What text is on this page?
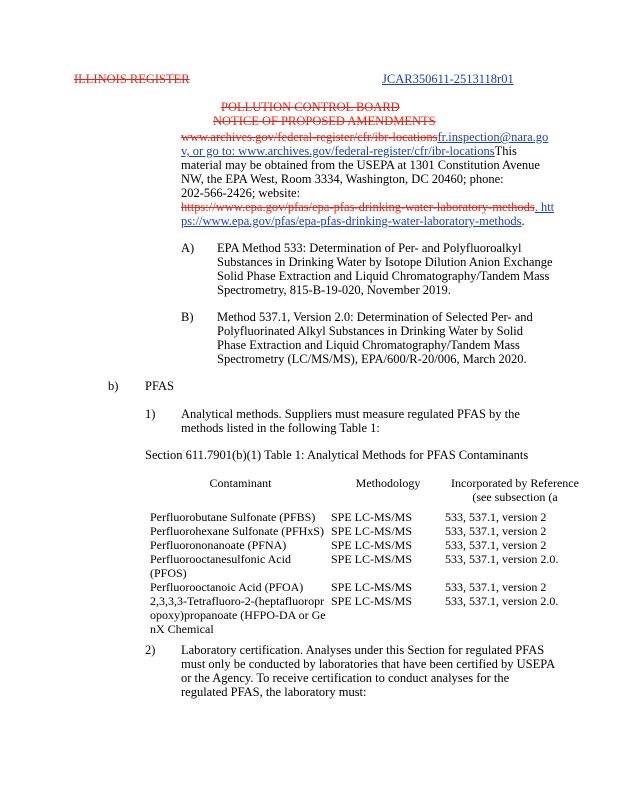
ILLINOIS REGISTER	JCAR350611-2513118r01
POLLUTION CONTROL BOARD
NOTICE OF PROPOSED AMENDMENTS
www.archives.gov/federal-register/cfr/ibr-locationsfr.inspection@nara.go
v, or go to: www.archives.gov/federal-register/cfr/ibr-locationsThis
material may be obtained from the USEPA at 1301 Constitution Avenue
NW, the EPA West, Room 3334, Washington, DC 20460; phone:
202-566-2426; website:
https://www.epa.gov/pfas/epa-pfas-drinking-water-laboratory-methods. htt
ps://www.epa.gov/pfas/epa-pfas-drinking-water-laboratory-methods.
A) EPA Method 533: Determination of Per- and Polyfluoroalkyl
Substances in Drinking Water by Isotope Dilution Anion Exchange
Solid Phase Extraction and Liquid Chromatography/Tandem Mass
Spectrometry, 815-B-19-020, November 2019.
B) Method 537.1, Version 2.0: Determination of Selected Per- and
Polyfluorinated Alkyl Substances in Drinking Water by Solid
Phase Extraction and Liquid Chromatography/Tandem Mass
Spectrometry (LC/MS/MS), EPA/600/R-20/006, March 2020.
b) PFAS
1) Analytical methods. Suppliers must measure regulated PFAS by the
methods listed in the following Table 1:
Section 611.7901(b)(1) Table 1: Analytical Methods for PFAS Contaminants
Contaminant	Methodology	Incorporated by Reference
(see subsection (a

Perfluorobutane Sulfonate (PFBS)	SPE LC-MS/MS	533, 537.1, version 2

Perfluorohexane Sulfonate (PFHxS)	SPE LC-MS/MS	533, 537.1, version 2

Perfluorononanoate (PFNA)	SPE LC-MS/MS	533, 537.1, version 2

Perfluorooctanesulfonic Acid (PFOS)	SPE LC-MS/MS	533, 537.1, version 2.0.

Perfluorooctanoic Acid (PFOA)	SPE LC-MS/MS	533, 537.1, version 2

2,3,3,3-Tetrafluoro-2-(heptafluoropropoxy)propanoate (HFPO-DA or GenX Chemical	SPE LC-MS/MS	533, 537.1, version 2.0.
2) Laboratory certification. Analyses under this Section for regulated PFAS
must only be conducted by laboratories that have been certified by USEPA
or the Agency. To receive certification to conduct analyses for the
regulated PFAS, the laboratory must:
